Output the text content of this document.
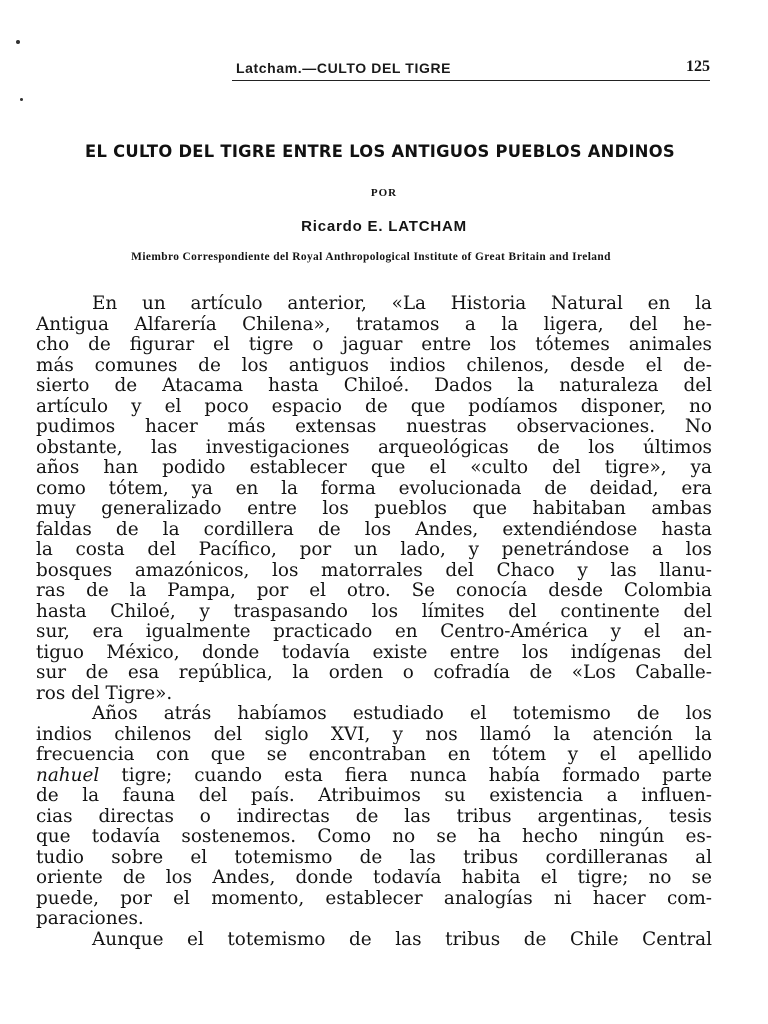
Latcham.—CULTO DEL TIGRE	125
EL CULTO DEL TIGRE ENTRE LOS ANTIGUOS PUEBLOS ANDINOS
POR
Ricardo E. LATCHAM
Miembro Correspondiente del Royal Anthropological Institute of Great Britain and Ireland
En un artículo anterior, «La Historia Natural en la
Antigua Alfarería Chilena», tratamos a la ligera, del he-
cho de figurar el tigre o jaguar entre los tótemes animales
más comunes de los antiguos indios chilenos, desde el de-
sierto de Atacama hasta Chiloé. Dados la naturaleza del
artículo y el poco espacio de que podíamos disponer, no
pudimos hacer más extensas nuestras observaciones. No
obstante, las investigaciones arqueológicas de los últimos
años han podido establecer que el «culto del tigre», ya
como tótem, ya en la forma evolucionada de deidad, era
muy generalizado entre los pueblos que habitaban ambas
faldas de la cordillera de los Andes, extendiéndose hasta
la costa del Pacífico, por un lado, y penetrándose a los
bosques amazónicos, los matorrales del Chaco y las llanu-
ras de la Pampa, por el otro. Se conocía desde Colombia
hasta Chiloé, y traspasando los límites del continente del
sur, era igualmente practicado en Centro-América y el an-
tiguo México, donde todavía existe entre los indígenas del
sur de esa república, la orden o cofradía de «Los Caballe-
ros del Tigre».
Años atrás habíamos estudiado el totemismo de los
indios chilenos del siglo XVI, y nos llamó la atención la
frecuencia con que se encontraban en tótem y el apellido
nahuel tigre; cuando esta fiera nunca había formado parte
de la fauna del país. Atribuimos su existencia a influen-
cias directas o indirectas de las tribus argentinas, tesis
que todavía sostenemos. Como no se ha hecho ningún es-
tudio sobre el totemismo de las tribus cordilleranas al
oriente de los Andes, donde todavía habita el tigre; no se
puede, por el momento, establecer analogías ni hacer com-
paraciones.
Aunque el totemismo de las tribus de Chile Central
